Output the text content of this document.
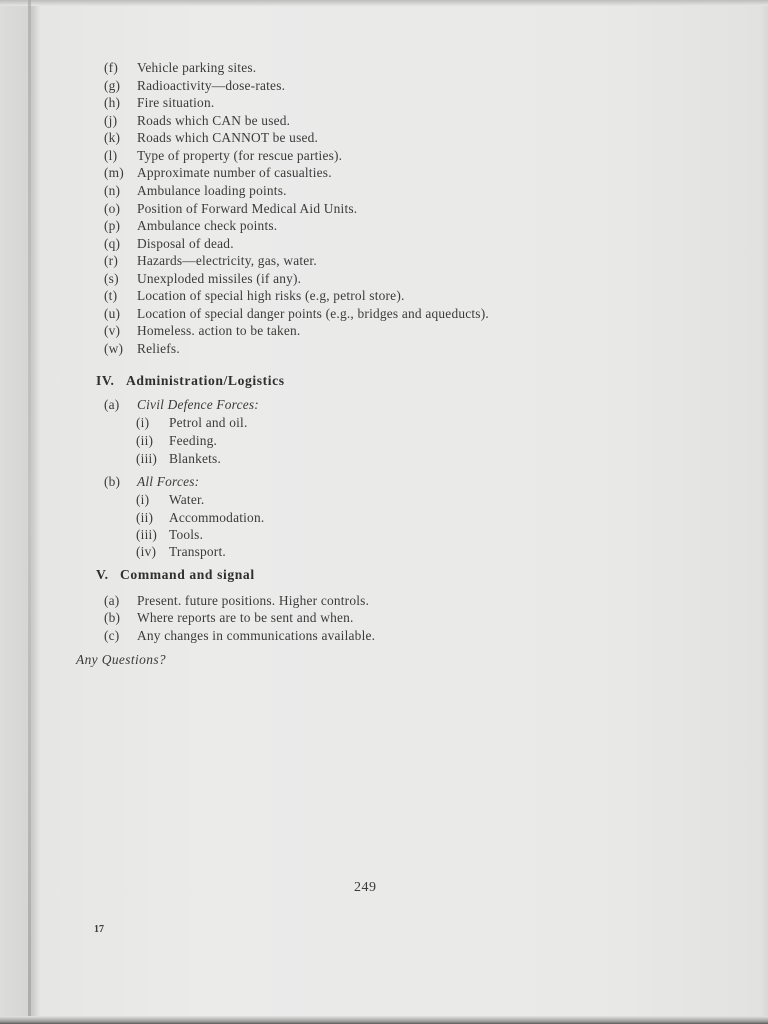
(f) Vehicle parking sites.
(g) Radioactivity—dose-rates.
(h) Fire situation.
(j) Roads which CAN be used.
(k) Roads which CANNOT be used.
(l) Type of property (for rescue parties).
(m) Approximate number of casualties.
(n) Ambulance loading points.
(o) Position of Forward Medical Aid Units.
(p) Ambulance check points.
(q) Disposal of dead.
(r) Hazards—electricity, gas, water.
(s) Unexploded missiles (if any).
(t) Location of special high risks (e.g, petrol store).
(u) Location of special danger points (e.g., bridges and aqueducts).
(v) Homeless. action to be taken.
(w) Reliefs.
IV. Administration/Logistics
(a) Civil Defence Forces:
(i) Petrol and oil.
(ii) Feeding.
(iii) Blankets.
(b) All Forces:
(i) Water.
(ii) Accommodation.
(iii) Tools.
(iv) Transport.
V. Command and signal
(a) Present. future positions. Higher controls.
(b) Where reports are to be sent and when.
(c) Any changes in communications available.
Any Questions?
249
17
